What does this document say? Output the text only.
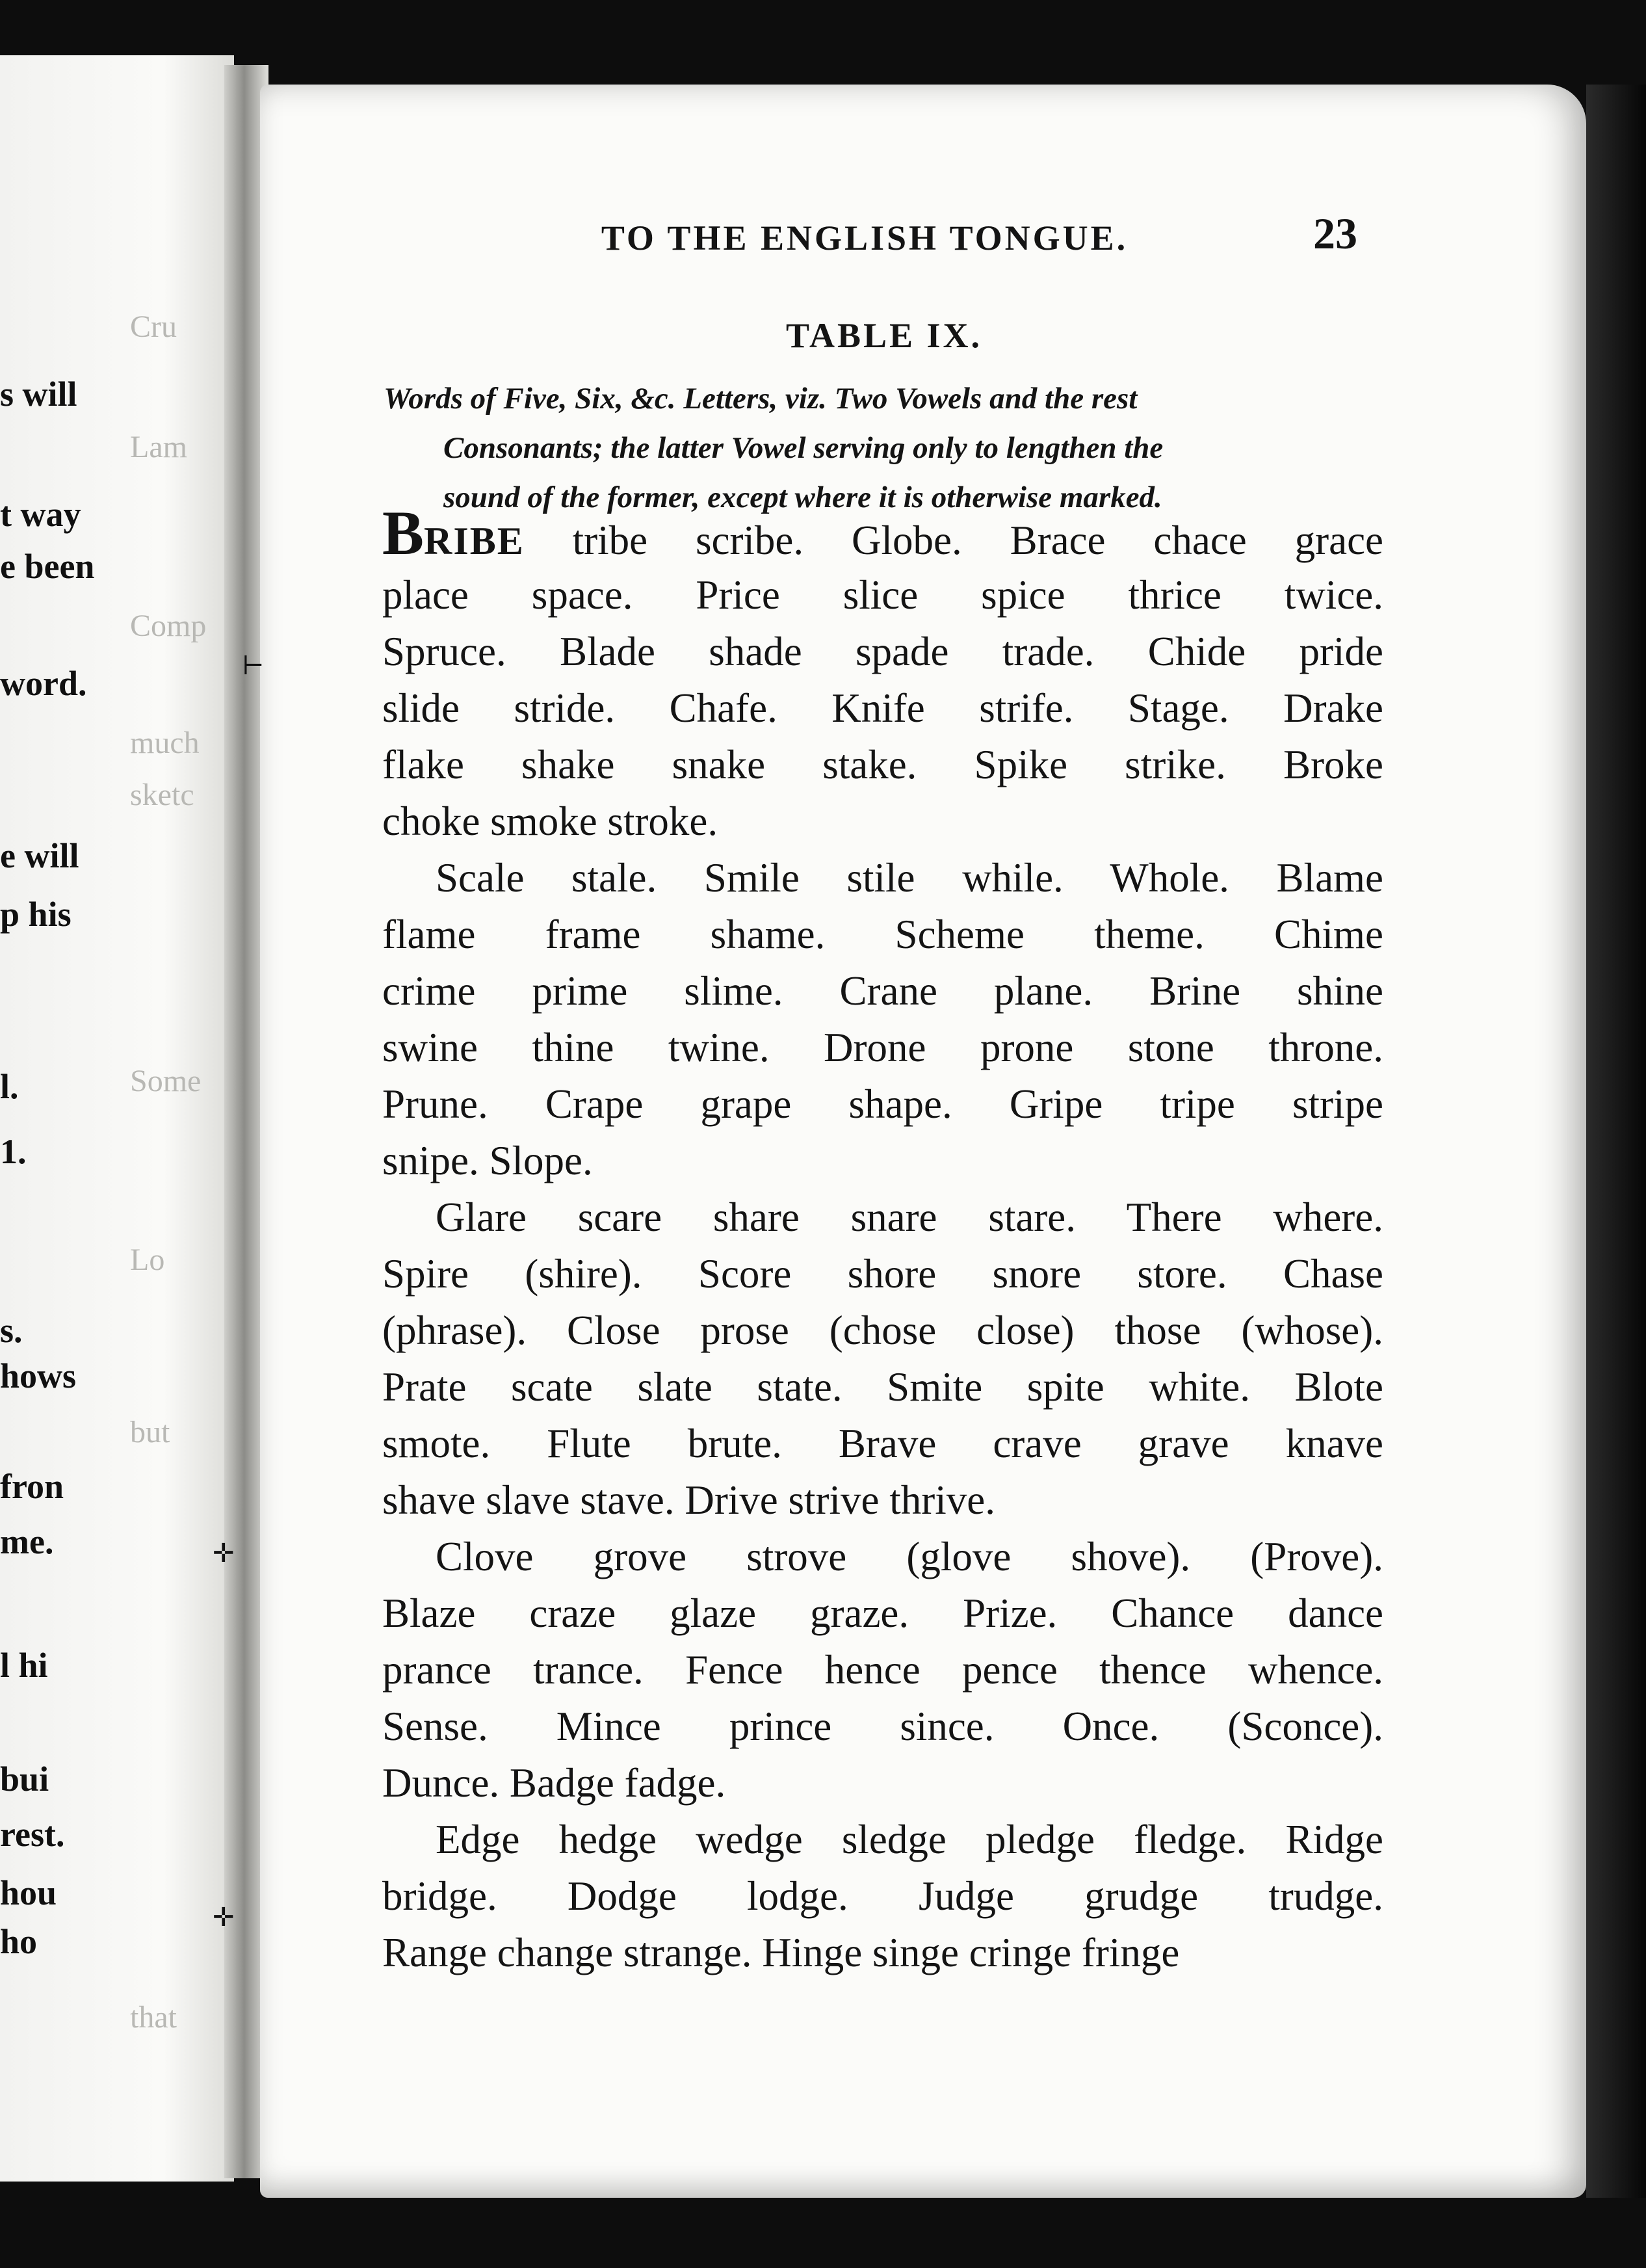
s will
t way
e been
word.
e will
p his
l.
1.
s.
hows
fron
me.
l hi
bui
rest.
hou
ho
Cru
Lam
Comp
much
sketc
Some
Lo
but
that
TO THE ENGLISH TONGUE.	23
TABLE IX.
Words of Five, Six, &c. Letters, viz. Two Vowels and the rest
Consonants; the latter Vowel serving only to lengthen the
sound of the former, except where it is otherwise marked.

BRIBE tribe scribe. Globe. Brace chace grace
place space. Price slice spice thrice twice.
Spruce. Blade shade spade trade. Chide pride
slide stride. Chafe. Knife strife. Stage. Drake
flake shake snake stake. Spike strike. Broke
choke smoke stroke.

Scale stale. Smile stile while. Whole. Blame
flame frame shame. Scheme theme. Chime
crime prime slime. Crane plane. Brine shine
swine thine twine. Drone prone stone throne.
Prune. Crape grape shape. Gripe tripe stripe
snipe. Slope.

Glare scare share snare stare. There where.
Spire (shire). Score shore snore store. Chase
(phrase). Close prose (chose close) those (whose).
Prate scate slate state. Smite spite white. Blote
smote. Flute brute. Brave crave grave knave
shave slave stave. Drive strive thrive.

Clove grove strove (glove shove). (Prove).
Blaze craze glaze graze. Prize. Chance dance
prance trance. Fence hence pence thence whence.
Sense. Mince prince since. Once. (Sconce).
Dunce. Badge fadge.

Edge hedge wedge sledge pledge fledge. Ridge
bridge. Dodge lodge. Judge grudge trudge.
Range change strange. Hinge singe cringe fringe

⊢
✛
✛
